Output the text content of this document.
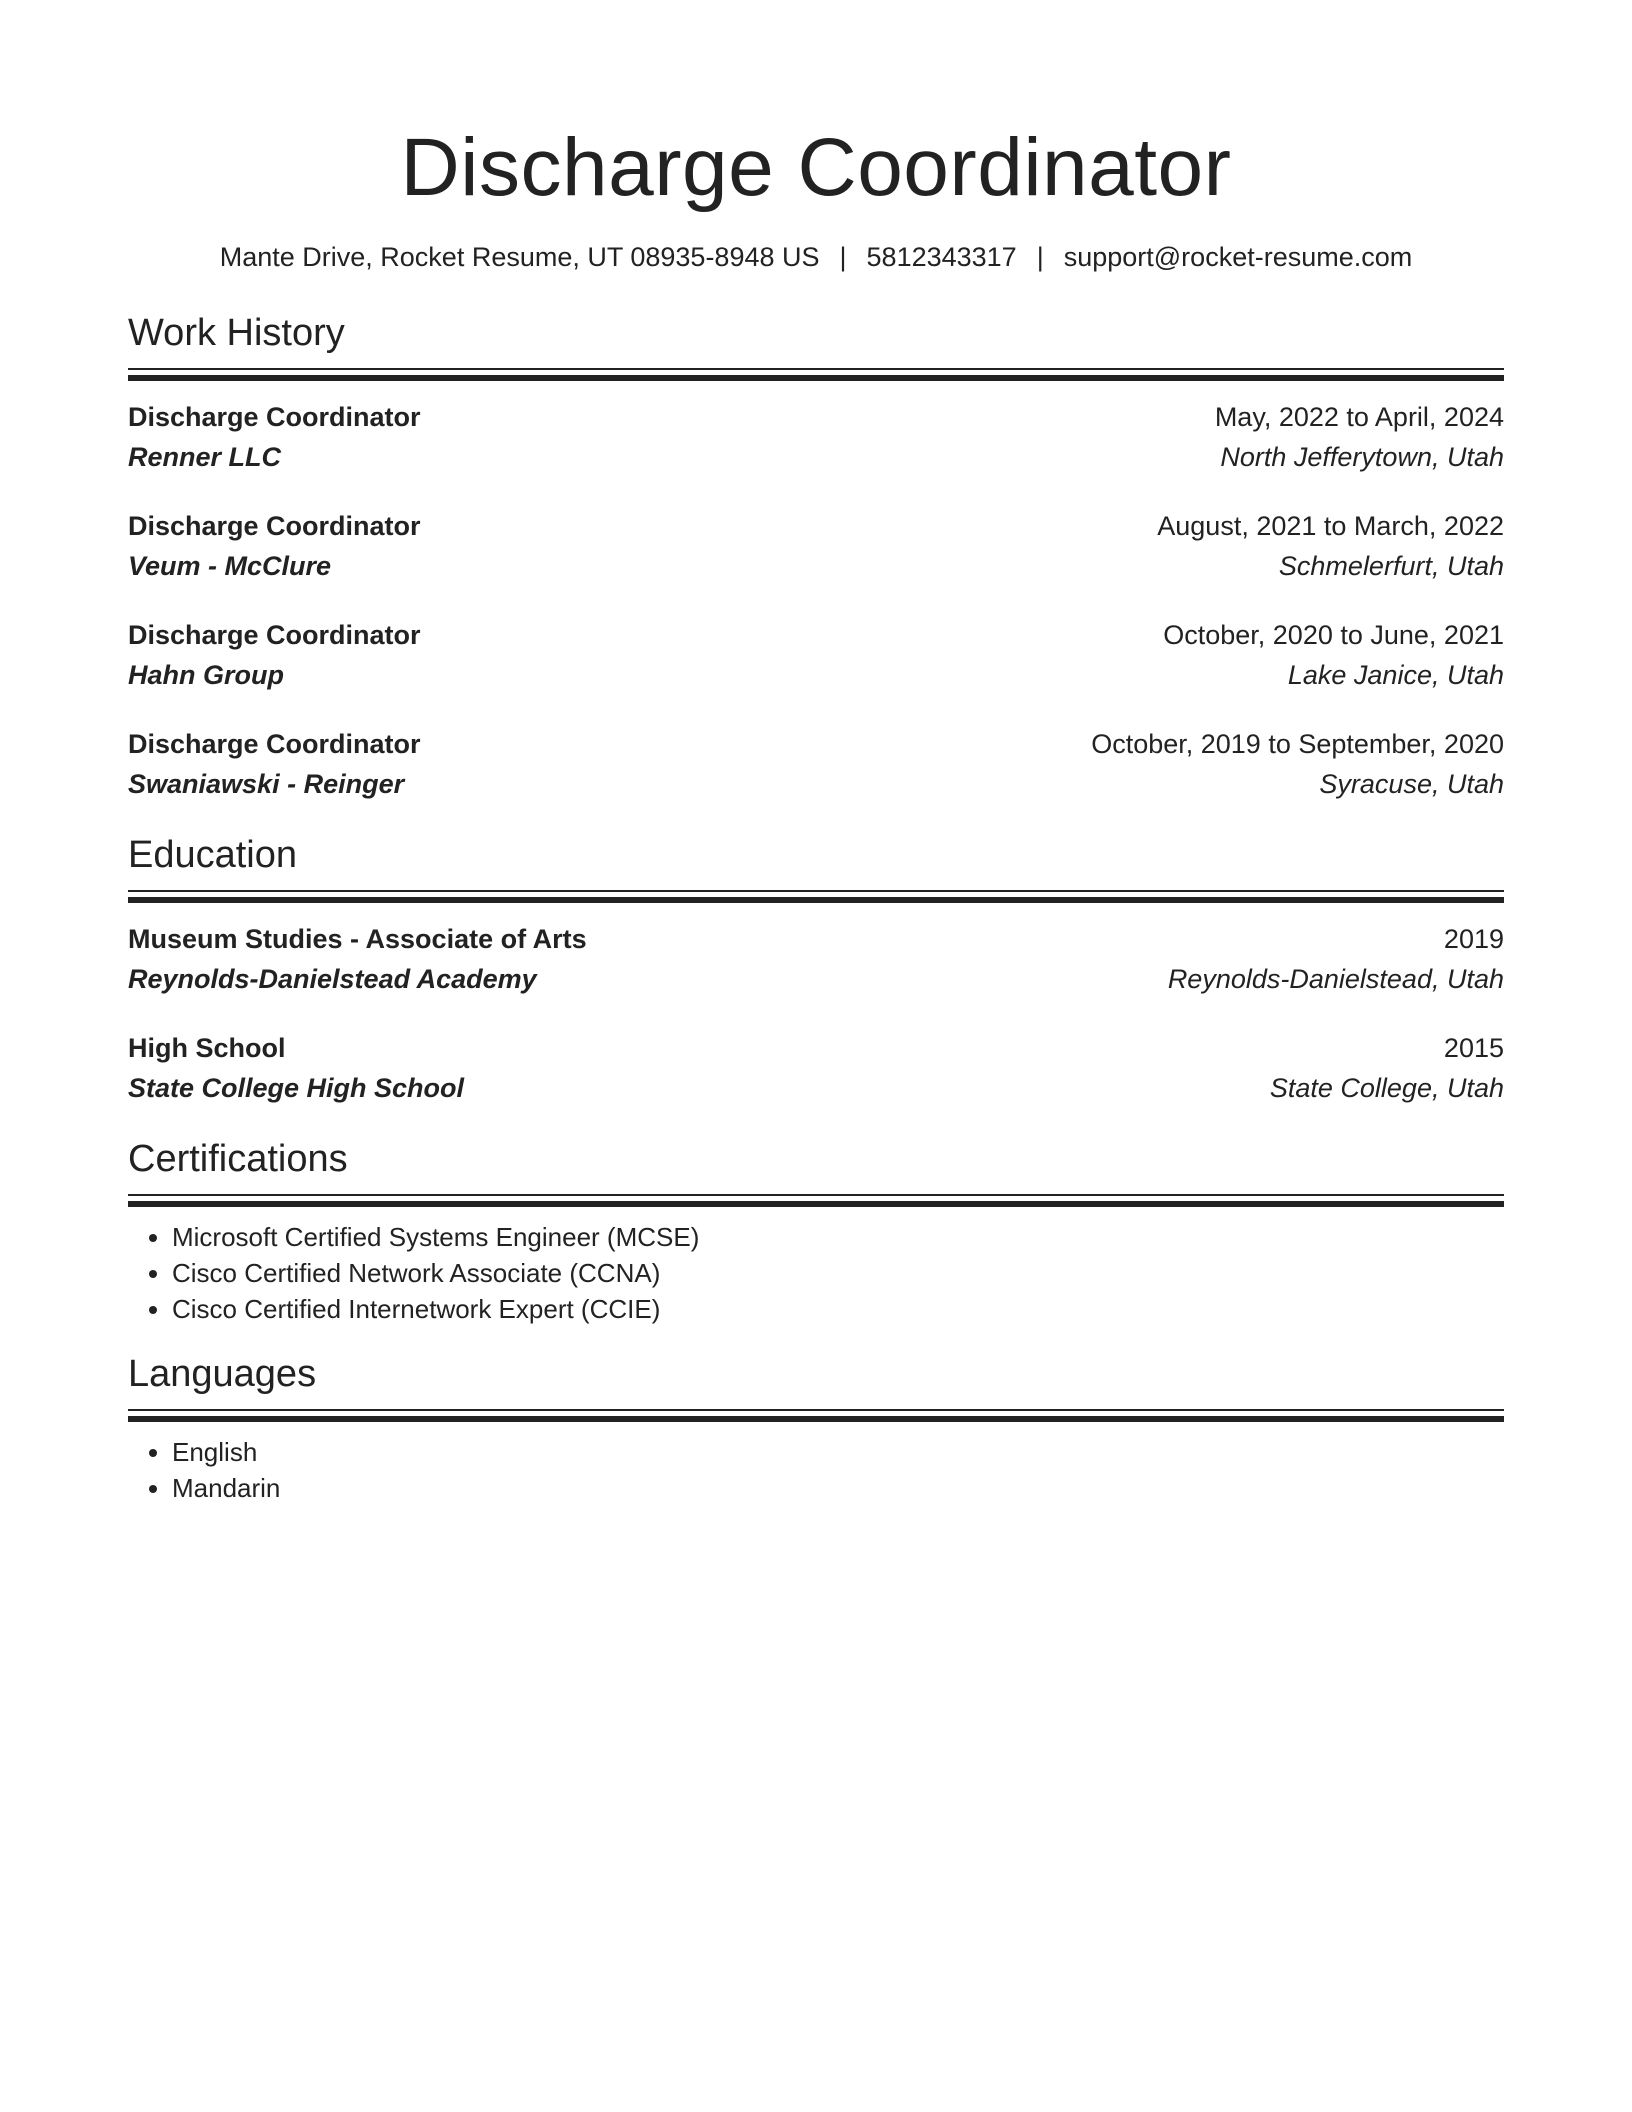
Discharge Coordinator
Mante Drive, Rocket Resume, UT 08935-8948 US | 5812343317 | support@rocket-resume.com
Work History
Discharge Coordinator
Renner LLC
May, 2022 to April, 2024
North Jefferytown, Utah
Discharge Coordinator
Veum - McClure
August, 2021 to March, 2022
Schmelerfurt, Utah
Discharge Coordinator
Hahn Group
October, 2020 to June, 2021
Lake Janice, Utah
Discharge Coordinator
Swaniawski - Reinger
October, 2019 to September, 2020
Syracuse, Utah
Education
Museum Studies - Associate of Arts
Reynolds-Danielstead Academy
2019
Reynolds-Danielstead, Utah
High School
State College High School
2015
State College, Utah
Certifications
• Microsoft Certified Systems Engineer (MCSE)
• Cisco Certified Network Associate (CCNA)
• Cisco Certified Internetwork Expert (CCIE)
Languages
• English
• Mandarin
